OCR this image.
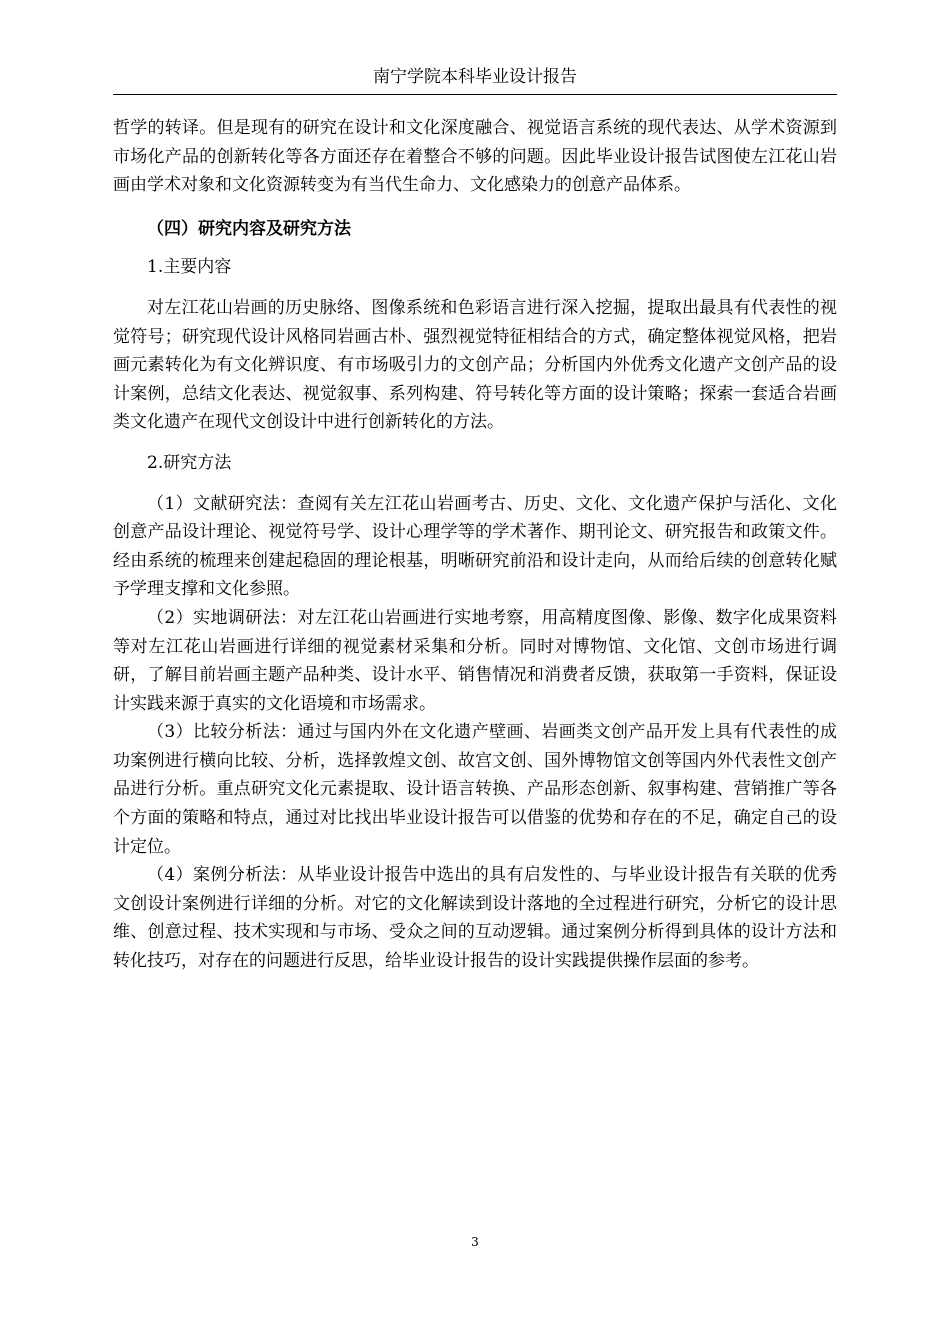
南宁学院本科毕业设计报告

哲学的转译。但是现有的研究在设计和文化深度融合、视觉语言系统的现代表达、从学术资源到市场化产品的创新转化等各方面还存在着整合不够的问题。因此毕业设计报告试图使左江花山岩画由学术对象和文化资源转变为有当代生命力、文化感染力的创意产品体系。

（四）研究内容及研究方法

1.主要内容

对左江花山岩画的历史脉络、图像系统和色彩语言进行深入挖掘，提取出最具有代表性的视觉符号；研究现代设计风格同岩画古朴、强烈视觉特征相结合的方式，确定整体视觉风格，把岩画元素转化为有文化辨识度、有市场吸引力的文创产品；分析国内外优秀文化遗产文创产品的设计案例，总结文化表达、视觉叙事、系列构建、符号转化等方面的设计策略；探索一套适合岩画类文化遗产在现代文创设计中进行创新转化的方法。

2.研究方法

（1）文献研究法：查阅有关左江花山岩画考古、历史、文化、文化遗产保护与活化、文化创意产品设计理论、视觉符号学、设计心理学等的学术著作、期刊论文、研究报告和政策文件。经由系统的梳理来创建起稳固的理论根基，明晰研究前沿和设计走向，从而给后续的创意转化赋予学理支撑和文化参照。

（2）实地调研法：对左江花山岩画进行实地考察，用高精度图像、影像、数字化成果资料等对左江花山岩画进行详细的视觉素材采集和分析。同时对博物馆、文化馆、文创市场进行调研，了解目前岩画主题产品种类、设计水平、销售情况和消费者反馈，获取第一手资料，保证设计实践来源于真实的文化语境和市场需求。

（3）比较分析法：通过与国内外在文化遗产壁画、岩画类文创产品开发上具有代表性的成功案例进行横向比较、分析，选择敦煌文创、故宫文创、国外博物馆文创等国内外代表性文创产品进行分析。重点研究文化元素提取、设计语言转换、产品形态创新、叙事构建、营销推广等各个方面的策略和特点，通过对比找出毕业设计报告可以借鉴的优势和存在的不足，确定自己的设计定位。

（4）案例分析法：从毕业设计报告中选出的具有启发性的、与毕业设计报告有关联的优秀文创设计案例进行详细的分析。对它的文化解读到设计落地的全过程进行研究，分析它的设计思维、创意过程、技术实现和与市场、受众之间的互动逻辑。通过案例分析得到具体的设计方法和转化技巧，对存在的问题进行反思，给毕业设计报告的设计实践提供操作层面的参考。

3
